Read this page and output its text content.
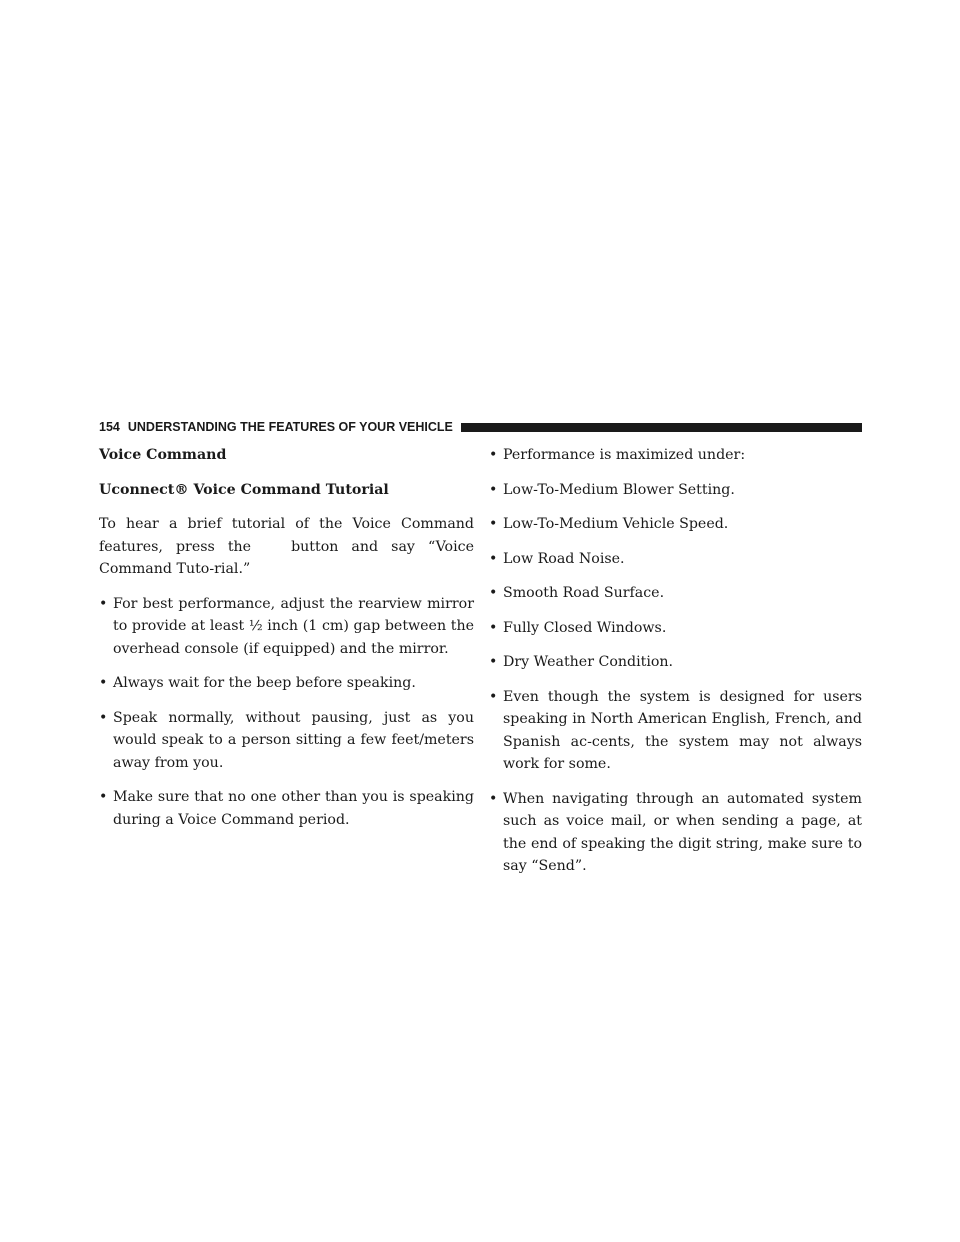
154 UNDERSTANDING THE FEATURES OF YOUR VEHICLE

Voice Command

Uconnect® Voice Command Tutorial

To hear a brief tutorial of the Voice Command features, press the	button and say “Voice Command Tuto-rial.”

• For best performance, adjust the rearview mirror to provide at least ½ inch (1 cm) gap between the overhead console (if equipped) and the mirror.
• Always wait for the beep before speaking.
• Speak normally, without pausing, just as you would speak to a person sitting a few feet/meters away from you.
• Make sure that no one other than you is speaking during a Voice Command period.
• Performance is maximized under:
• Low-To-Medium Blower Setting.
• Low-To-Medium Vehicle Speed.
• Low Road Noise.
• Smooth Road Surface.
• Fully Closed Windows.
• Dry Weather Condition.
• Even though the system is designed for users speaking in North American English, French, and Spanish ac-cents, the system may not always work for some.
• When navigating through an automated system such as voice mail, or when sending a page, at the end of speaking the digit string, make sure to say “Send”.
